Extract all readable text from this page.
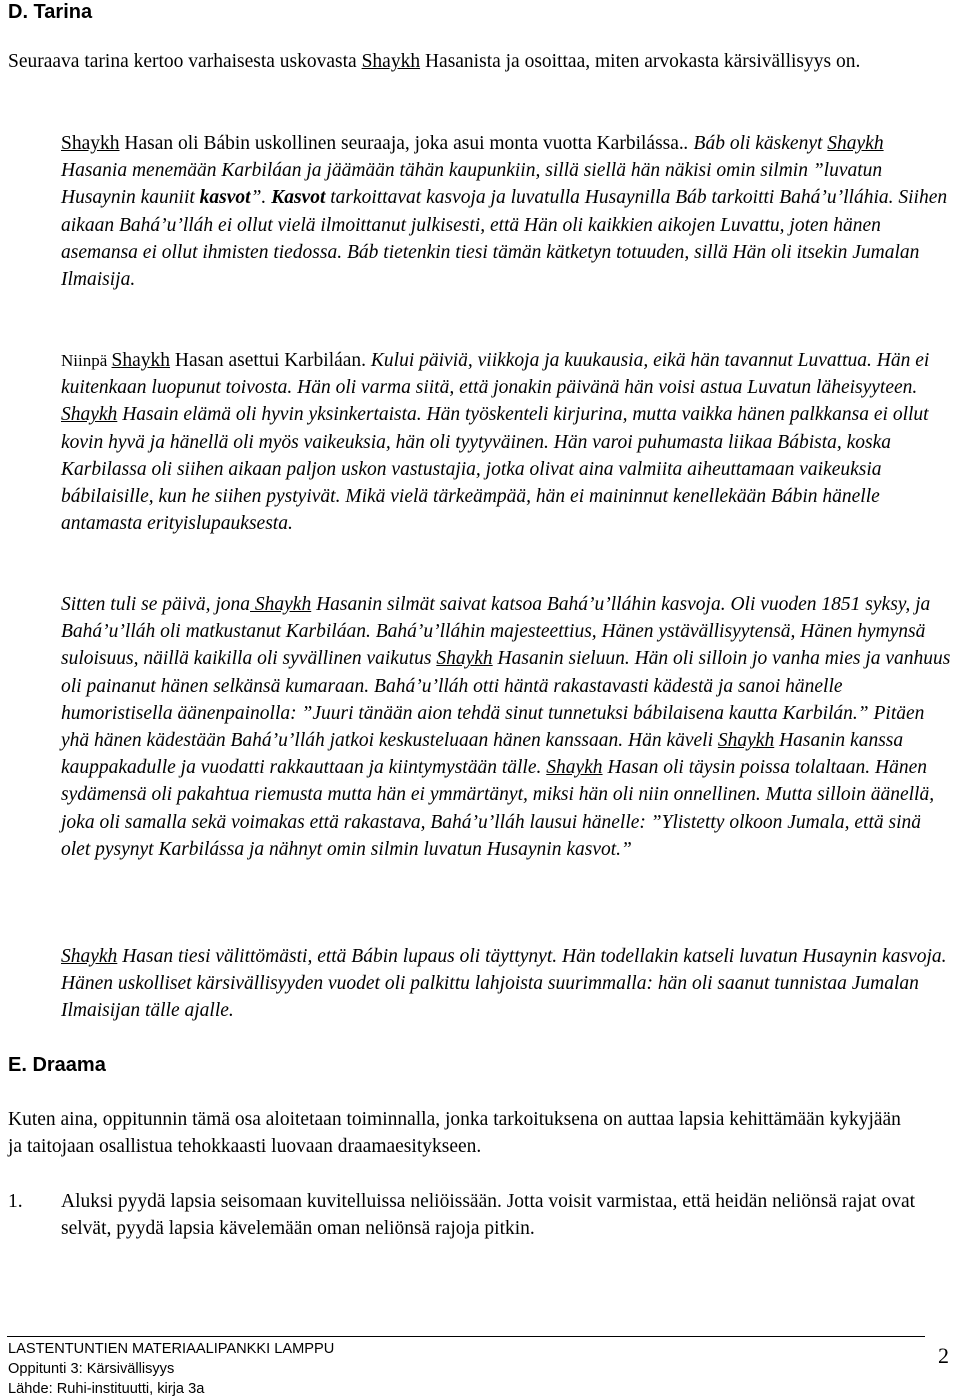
D. Tarina

Seuraava tarina kertoo varhaisesta uskovasta Shaykh Hasanista ja osoittaa, miten arvokasta kärsivällisyys on.

Shaykh Hasan oli Bábin uskollinen seuraaja, joka asui monta vuotta Karbilássa.. Báb oli käskenyt Shaykh Hasania menemään Karbiláan ja jäämään tähän kaupunkiin, sillä siellä hän näkisi omin silmin ”luvatun Husaynin kauniit kasvot”. Kasvot tarkoittavat kasvoja ja luvatulla Husaynilla Báb tarkoitti Bahá’u’lláhia. Siihen aikaan Bahá’u’lláh ei ollut vielä ilmoittanut julkisesti, että Hän oli kaikkien aikojen Luvattu, joten hänen asemansa ei ollut ihmisten tiedossa. Báb tietenkin tiesi tämän kätketyn totuuden, sillä Hän oli itsekin Jumalan Ilmaisija.

Niinpä Shaykh Hasan asettui Karbiláan. Kului päiviä, viikkoja ja kuukausia, eikä hän tavannut Luvattua. Hän ei kuitenkaan luopunut toivosta. Hän oli varma siitä, että jonakin päivänä hän voisi astua Luvatun läheisyyteen. Shaykh Hasain elämä oli hyvin yksinkertaista. Hän työskenteli kirjurina, mutta vaikka hänen palkkansa ei ollut kovin hyvä ja hänellä oli myös vaikeuksia, hän oli tyytyväinen. Hän varoi puhumasta liikaa Bábista, koska Karbilassa oli siihen aikaan paljon uskon vastustajia, jotka olivat aina valmiita aiheuttamaan vaikeuksia bábilaisille, kun he siihen pystyivät. Mikä vielä tärkeämpää, hän ei maininnut kenellekään Bábin hänelle antamasta erityislupauksesta.

Sitten tuli se päivä, jona Shaykh Hasanin silmät saivat katsoa Bahá’u’lláhin kasvoja. Oli vuoden 1851 syksy, ja Bahá’u’lláh oli matkustanut Karbiláan. Bahá’u’lláhin majesteettius, Hänen ystävällisyytensä, Hänen hymynsä suloisuus, näillä kaikilla oli syvällinen vaikutus Shaykh Hasanin sieluun. Hän oli silloin jo vanha mies ja vanhuus oli painanut hänen selkänsä kumaraan. Bahá’u’lláh otti häntä rakastavasti kädestä ja sanoi hänelle humoristisella äänenpainolla: ”Juuri tänään aion tehdä sinut tunnetuksi bábilaisena kautta Karbilán.” Pitäen yhä hänen kädestään Bahá’u’lláh jatkoi keskusteluaan hänen kanssaan. Hän käveli Shaykh Hasanin kanssa kauppakadulle ja vuodatti rakkauttaan ja kiintymystään tälle. Shaykh Hasan oli täysin poissa tolaltaan. Hänen sydämensä oli pakahtua riemusta mutta hän ei ymmärtänyt, miksi hän oli niin onnellinen. Mutta silloin äänellä, joka oli samalla sekä voimakas että rakastava, Bahá’u’lláh lausui hänelle: ”Ylistetty olkoon Jumala, että sinä olet pysynyt Karbilássa ja nähnyt omin silmin luvatun Husaynin kasvot.”

Shaykh Hasan tiesi välittömästi, että Bábin lupaus oli täyttynyt. Hän todellakin katseli luvatun Husaynin kasvoja. Hänen uskolliset kärsivällisyyden vuodet oli palkittu lahjoista suurimmalla: hän oli saanut tunnistaa Jumalan Ilmaisijan tälle ajalle.

E. Draama

Kuten aina, oppitunnin tämä osa aloitetaan toiminnalla, jonka tarkoituksena on auttaa lapsia kehittämään kykyjään ja taitojaan osallistua tehokkaasti luovaan draamaesitykseen.

1. Aluksi pyydä lapsia seisomaan kuvitelluissa neliöissään. Jotta voisit varmistaa, että heidän neliönsä rajat ovat selvät, pyydä lapsia kävelemään oman neliönsä rajoja pitkin.
LASTENTUNTIEN MATERIAALIPANKKI LAMPPU
Oppitunti 3: Kärsivällisyys
Lähde: Ruhi-instituutti, kirja 3a
2
